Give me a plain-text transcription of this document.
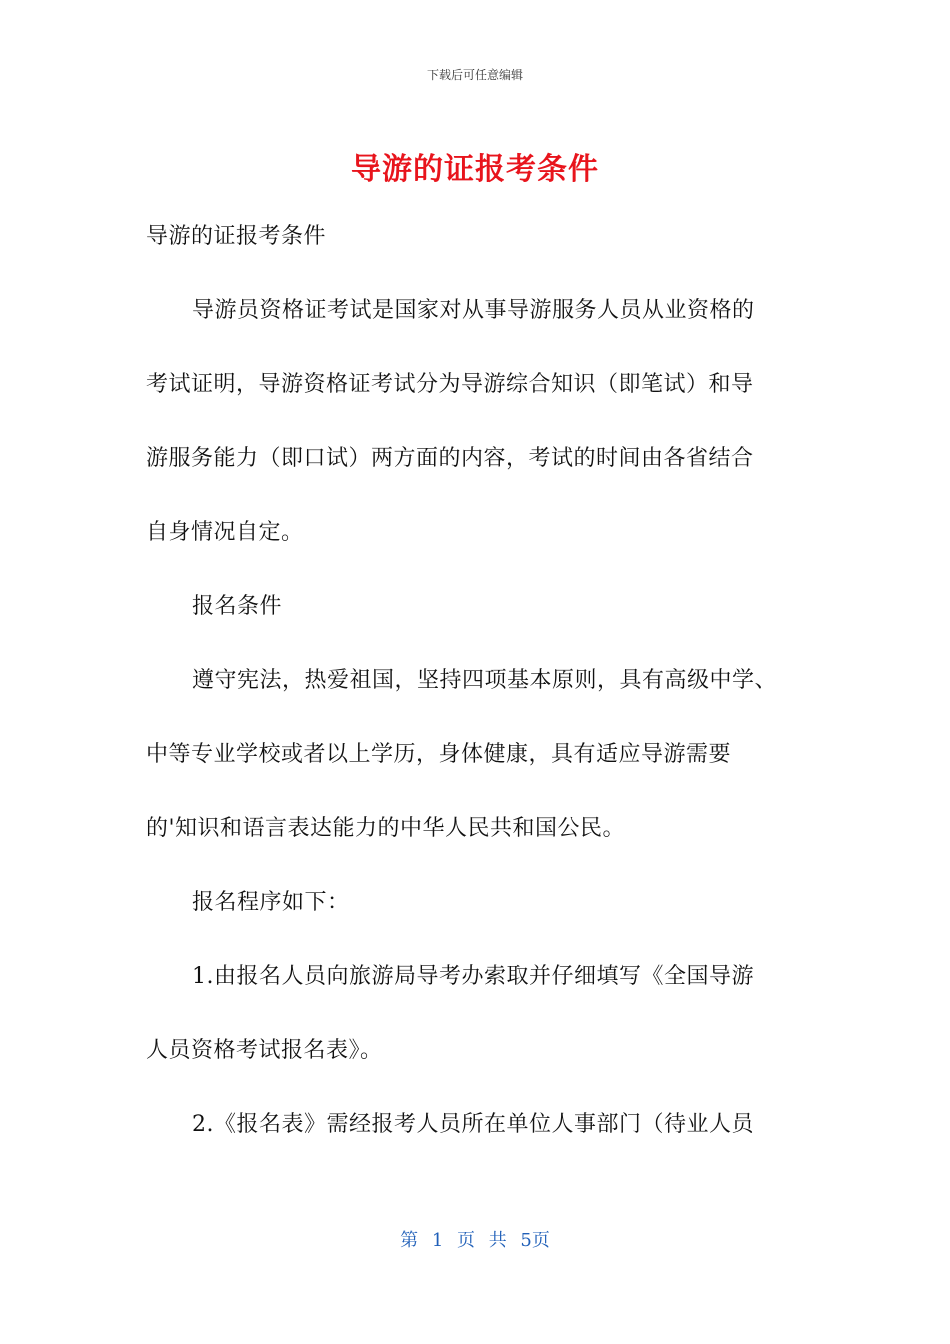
下载后可任意编辑
导游的证报考条件
导游的证报考条件
导游员资格证考试是国家对从事导游服务人员从业资格的
考试证明，导游资格证考试分为导游综合知识（即笔试）和导
游服务能力（即口试）两方面的内容，考试的时间由各省结合
自身情况自定。
报名条件
遵守宪法，热爱祖国，坚持四项基本原则，具有高级中学、
中等专业学校或者以上学历，身体健康，具有适应导游需要
的'知识和语言表达能力的中华人民共和国公民。
报名程序如下：
1.由报名人员向旅游局导考办索取并仔细填写《全国导游
人员资格考试报名表》。
2.《报名表》需经报考人员所在单位人事部门（待业人员
第 1 页 共 5页
